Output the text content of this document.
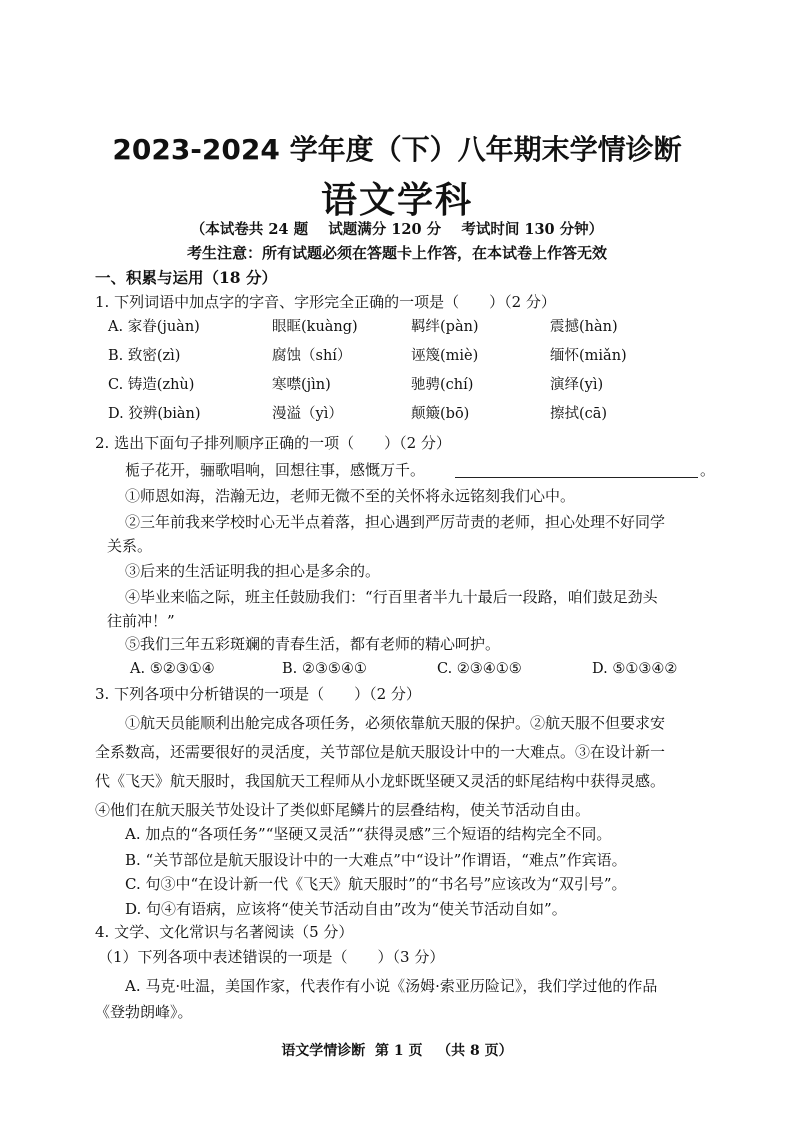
2023-2024 学年度（下）八年期末学情诊断
语文学科
（本试卷共 24 题    试题满分 120 分    考试时间 130 分钟）
考生注意：所有试题必须在答题卡上作答，在本试卷上作答无效
一、积累与运用（18 分）
1. 下列词语中加点字的字音、字形完全正确的一项是（　　）（2 分）
A. 家眷(juàn)	眼眶(kuàng)	羁绊(pàn)	震撼(hàn)
B. 致密(zì)	腐蚀（shí）	诬篾(miè)	缅怀(miǎn)
C. 铸造(zhù)	寒噤(jìn)	驰骋(chí)	演绎(yì)
D. 狡辨(biàn)	漫溢（yì）	颠簸(bō)	擦拭(cā)
2. 选出下面句子排列顺序正确的一项（　　）（2 分）
栀子花开，骊歌唱响，回想往事，感慨万千。	。
①师恩如海，浩瀚无边，老师无微不至的关怀将永远铭刻我们心中。
②三年前我来学校时心无半点着落，担心遇到严厉苛责的老师，担心处理不好同学
关系。
③后来的生活证明我的担心是多余的。
④毕业来临之际，班主任鼓励我们：“行百里者半九十最后一段路，咱们鼓足劲头
往前冲！”
⑤我们三年五彩斑斓的青春生活，都有老师的精心呵护。
A. ⑤②③①④	B. ②③⑤④①	C. ②③④①⑤	D. ⑤①③④②
3. 下列各项中分析错误的一项是（　　）（2 分）
①航天员能顺利出舱完成各项任务，必须依靠航天服的保护。②航天服不但要求安
全系数高，还需要很好的灵活度，关节部位是航天服设计中的一大难点。③在设计新一
代《飞天》航天服时，我国航天工程师从小龙虾既坚硬又灵活的虾尾结构中获得灵感。
④他们在航天服关节处设计了类似虾尾鳞片的层叠结构，使关节活动自由。
A. 加点的“各项任务”“坚硬又灵活”“获得灵感”三个短语的结构完全不同。
B. “关节部位是航天服设计中的一大难点”中“设计”作谓语，“难点”作宾语。
C. 句③中“在设计新一代《飞天》航天服时”的“书名号”应该改为“双引号”。
D. 句④有语病，应该将“使关节活动自由”改为“使关节活动自如”。
4. 文学、文化常识与名著阅读（5 分）
（1）下列各项中表述错误的一项是（　　）（3 分）
A. 马克·吐温，美国作家，代表作有小说《汤姆·索亚历险记》，我们学过他的作品
《登勃朗峰》。
语文学情诊断  第 1 页   （共 8 页）
